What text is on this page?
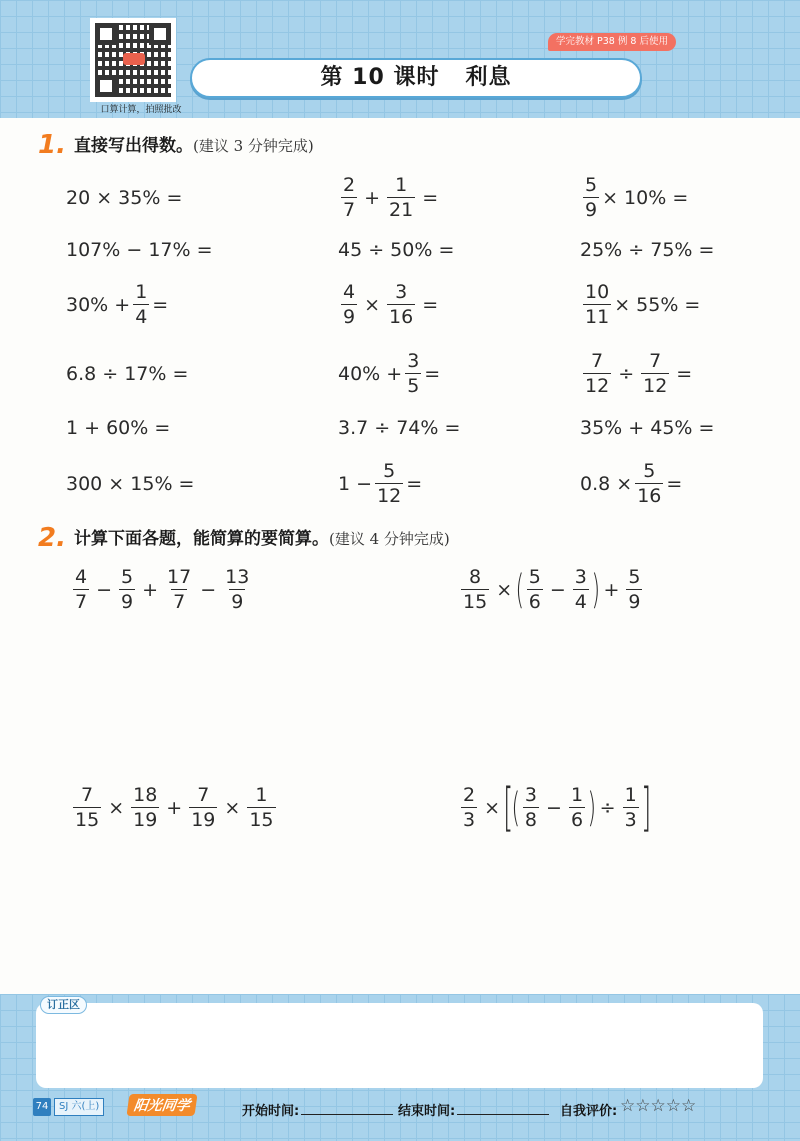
口算计算，拍照批改
学完教材 P38 例 8 后使用
第 10 课时 利息
1. 直接写出得数。(建议 3 分钟完成)
20 × 35% =	$\frac{2}{7} + \frac{1}{21}$ =	$\frac{5}{9} \times 10\%$ =
107% − 17% =	45 ÷ 50% =	25% ÷ 75% =
$30\% + \frac{1}{4}$ =	$\frac{4}{9} \times \frac{3}{16}$ =	$\frac{10}{11} \times 55\%$ =
6.8 ÷ 17% =	$40\% + \frac{3}{5}$ =	$\frac{7}{12} \div \frac{7}{12}$ =
1 + 60% =	3.7 ÷ 74% =	35% + 45% =
300 × 15% =	$1 - \frac{5}{12}$ =	$0.8 \times \frac{5}{16}$ =
2. 计算下面各题，能简算的要简算。(建议 4 分钟完成)
$\frac{4}{7} - \frac{5}{9} + \frac{17}{7} - \frac{13}{9}$	$\frac{8}{15}$ × ( $\frac{5}{6} - \frac{3}{4}$ ) + $\frac{5}{9}$
$\frac{7}{15} \times \frac{18}{19} + \frac{7}{19} \times \frac{1}{15}$	$\frac{2}{3}$ × [
( $\frac{3}{8} - \frac{1}{6}$ ) ÷ $\frac{1}{3}$ ]
订正区
74	SJ 六(上)	阳光同学	开始时间:	结束时间:	自我评价: ☆☆☆☆☆
